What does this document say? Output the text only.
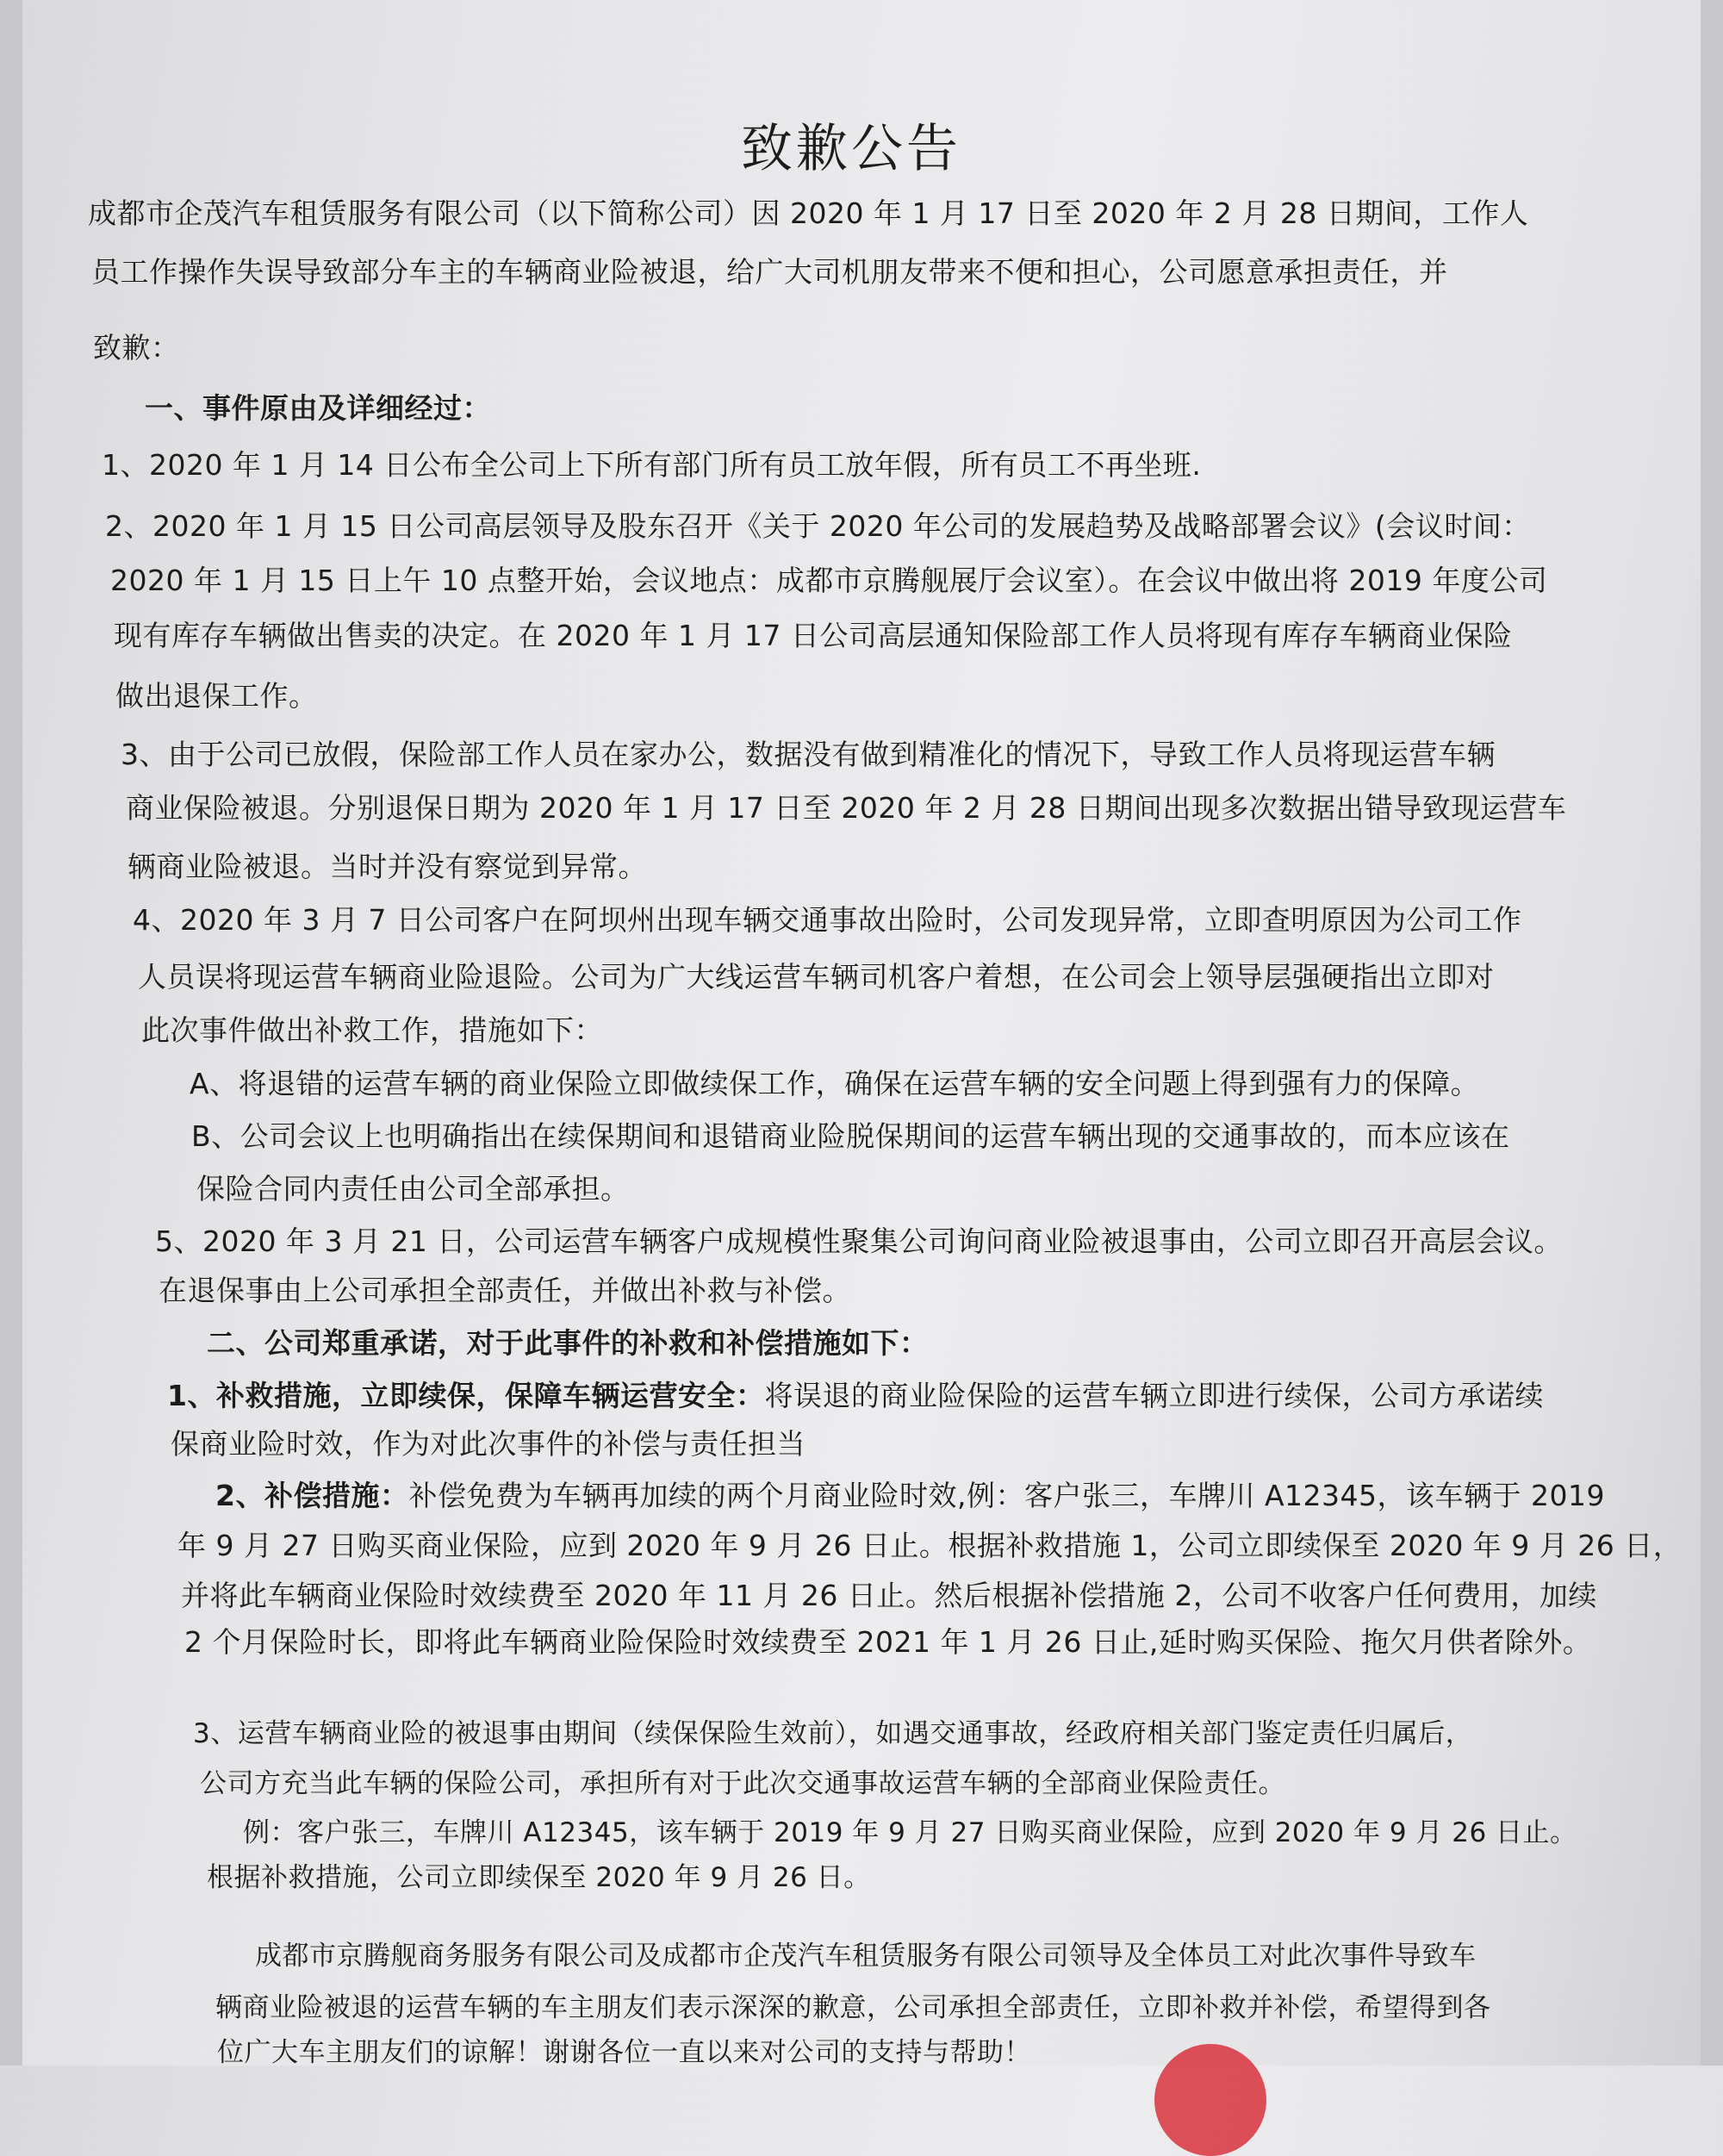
致歉公告
成都市企茂汽车租赁服务有限公司（以下简称公司）因 2020 年 1 月 17 日至 2020 年 2 月 28 日期间，工作人
员工作操作失误导致部分车主的车辆商业险被退，给广大司机朋友带来不便和担心，公司愿意承担责任，并
致歉：
一、事件原由及详细经过：
1、2020 年 1 月 14 日公布全公司上下所有部门所有员工放年假，所有员工不再坐班.
2、2020 年 1 月 15 日公司高层领导及股东召开《关于 2020 年公司的发展趋势及战略部署会议》(会议时间：
2020 年 1 月 15 日上午 10 点整开始，会议地点：成都市京腾舰展厅会议室）。在会议中做出将 2019 年度公司
现有库存车辆做出售卖的决定。在 2020 年 1 月 17 日公司高层通知保险部工作人员将现有库存车辆商业保险
做出退保工作。
3、由于公司已放假，保险部工作人员在家办公，数据没有做到精准化的情况下，导致工作人员将现运营车辆
商业保险被退。分别退保日期为 2020 年 1 月 17 日至 2020 年 2 月 28 日期间出现多次数据出错导致现运营车
辆商业险被退。当时并没有察觉到异常。
4、2020 年 3 月 7 日公司客户在阿坝州出现车辆交通事故出险时，公司发现异常，立即查明原因为公司工作
人员误将现运营车辆商业险退险。公司为广大线运营车辆司机客户着想，在公司会上领导层强硬指出立即对
此次事件做出补救工作，措施如下：
A、将退错的运营车辆的商业保险立即做续保工作，确保在运营车辆的安全问题上得到强有力的保障。
B、公司会议上也明确指出在续保期间和退错商业险脱保期间的运营车辆出现的交通事故的，而本应该在
保险合同内责任由公司全部承担。
5、2020 年 3 月 21 日，公司运营车辆客户成规模性聚集公司询问商业险被退事由，公司立即召开高层会议。
在退保事由上公司承担全部责任，并做出补救与补偿。
二、公司郑重承诺，对于此事件的补救和补偿措施如下：
1、补救措施，立即续保，保障车辆运营安全：将误退的商业险保险的运营车辆立即进行续保，公司方承诺续
保商业险时效，作为对此次事件的补偿与责任担当
2、补偿措施：补偿免费为车辆再加续的两个月商业险时效,例：客户张三，车牌川 A12345，该车辆于 2019
年 9 月 27 日购买商业保险，应到 2020 年 9 月 26 日止。根据补救措施 1，公司立即续保至 2020 年 9 月 26 日，
并将此车辆商业保险时效续费至 2020 年 11 月 26 日止。然后根据补偿措施 2，公司不收客户任何费用，加续
2 个月保险时长，即将此车辆商业险保险时效续费至 2021 年 1 月 26 日止,延时购买保险、拖欠月供者除外。
3、运营车辆商业险的被退事由期间（续保保险生效前），如遇交通事故，经政府相关部门鉴定责任归属后，
公司方充当此车辆的保险公司，承担所有对于此次交通事故运营车辆的全部商业保险责任。
例：客户张三，车牌川 A12345，该车辆于 2019 年 9 月 27 日购买商业保险，应到 2020 年 9 月 26 日止。
根据补救措施，公司立即续保至 2020 年 9 月 26 日。
成都市京腾舰商务服务有限公司及成都市企茂汽车租赁服务有限公司领导及全体员工对此次事件导致车
辆商业险被退的运营车辆的车主朋友们表示深深的歉意，公司承担全部责任，立即补救并补偿，希望得到各
位广大车主朋友们的谅解！谢谢各位一直以来对公司的支持与帮助！
